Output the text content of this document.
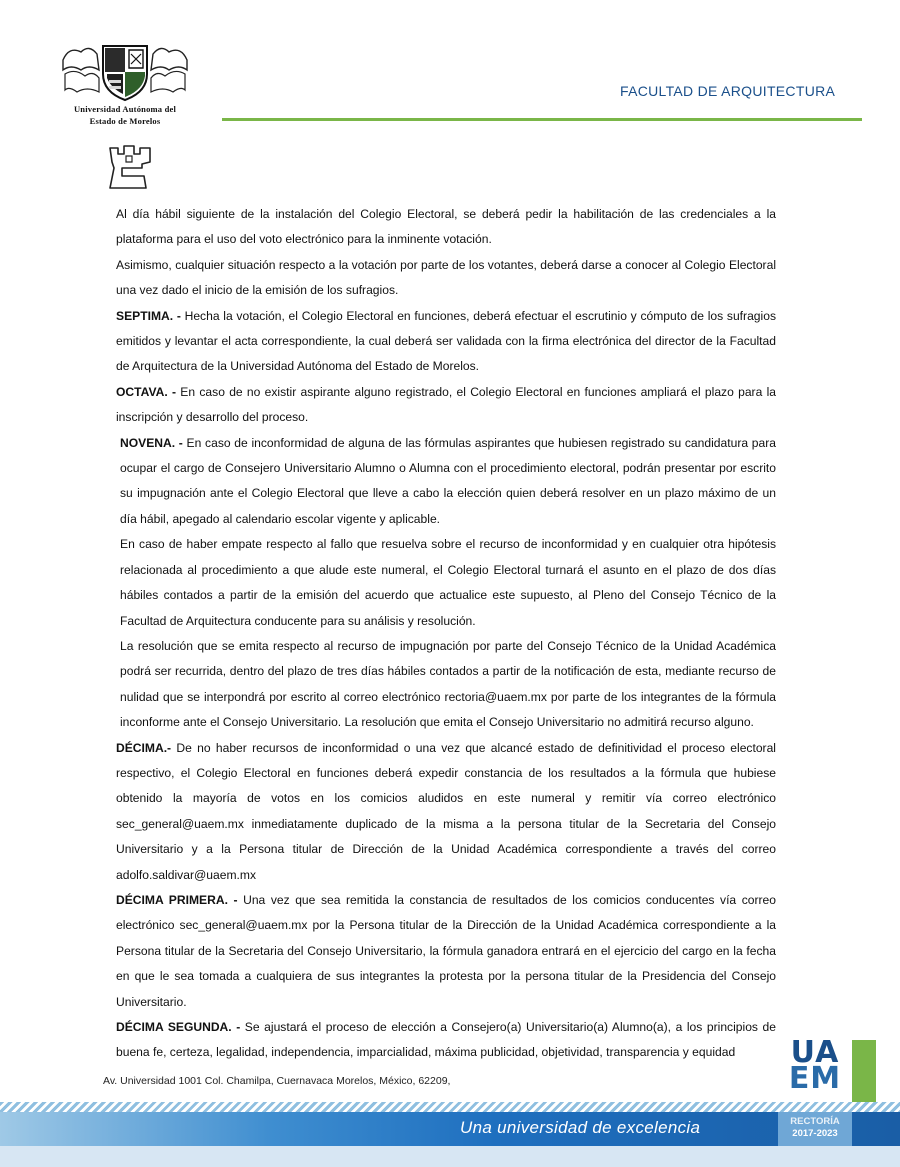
Universidad Autónoma del
Estado de Morelos
FACULTAD DE ARQUITECTURA

Al día hábil siguiente de la instalación del Colegio Electoral, se deberá pedir la habilitación de las credenciales a la plataforma para el uso del voto electrónico para la inminente votación.

Asimismo, cualquier situación respecto a la votación por parte de los votantes, deberá darse a conocer al Colegio Electoral una vez dado el inicio de la emisión de los sufragios.

SEPTIMA. - Hecha la votación, el Colegio Electoral en funciones, deberá efectuar el escrutinio y cómputo de los sufragios emitidos y levantar el acta correspondiente, la cual deberá ser validada con la firma electrónica del director de la Facultad de Arquitectura de la Universidad Autónoma del Estado de Morelos.

OCTAVA. - En caso de no existir aspirante alguno registrado, el Colegio Electoral en funciones ampliará el plazo para la inscripción y desarrollo del proceso.

NOVENA. - En caso de inconformidad de alguna de las fórmulas aspirantes que hubiesen registrado su candidatura para ocupar el cargo de Consejero Universitario Alumno o Alumna con el procedimiento electoral, podrán presentar por escrito su impugnación ante el Colegio Electoral que lleve a cabo la elección quien deberá resolver en un plazo máximo de un día hábil, apegado al calendario escolar vigente y aplicable.

En caso de haber empate respecto al fallo que resuelva sobre el recurso de inconformidad y en cualquier otra hipótesis relacionada al procedimiento a que alude este numeral, el Colegio Electoral turnará el asunto en el plazo de dos días hábiles contados a partir de la emisión del acuerdo que actualice este supuesto, al Pleno del Consejo Técnico de la Facultad de Arquitectura conducente para su análisis y resolución.

La resolución que se emita respecto al recurso de impugnación por parte del Consejo Técnico de la Unidad Académica podrá ser recurrida, dentro del plazo de tres días hábiles contados a partir de la notificación de esta, mediante recurso de nulidad que se interpondrá por escrito al correo electrónico rectoria@uaem.mx por parte de los integrantes de la fórmula inconforme ante el Consejo Universitario. La resolución que emita el Consejo Universitario no admitirá recurso alguno.

DÉCIMA.- De no haber recursos de inconformidad o una vez que alcancé estado de definitividad el proceso electoral respectivo, el Colegio Electoral en funciones deberá expedir constancia de los resultados a la fórmula que hubiese obtenido la mayoría de votos en los comicios aludidos en este numeral y remitir vía correo electrónico sec_general@uaem.mx inmediatamente duplicado de la misma a la persona titular de la Secretaria del Consejo Universitario y a la Persona titular de Dirección de la Unidad Académica correspondiente a través del correo adolfo.saldivar@uaem.mx

DÉCIMA PRIMERA. - Una vez que sea remitida la constancia de resultados de los comicios conducentes vía correo electrónico sec_general@uaem.mx por la Persona titular de la Dirección de la Unidad Académica correspondiente a la Persona titular de la Secretaria del Consejo Universitario, la fórmula ganadora entrará en el ejercicio del cargo en la fecha en que le sea tomada a cualquiera de sus integrantes la protesta por la persona titular de la Presidencia del Consejo Universitario.

DÉCIMA SEGUNDA. - Se ajustará el proceso de elección a Consejero(a) Universitario(a) Alumno(a), a los principios de buena fe, certeza, legalidad, independencia, imparcialidad, máxima publicidad, objetividad, transparencia y equidad

Av. Universidad 1001 Col. Chamilpa, Cuernavaca Morelos, México, 62209,
UA
EM
Una universidad de excelencia	RECTORÍA
2017-2023
